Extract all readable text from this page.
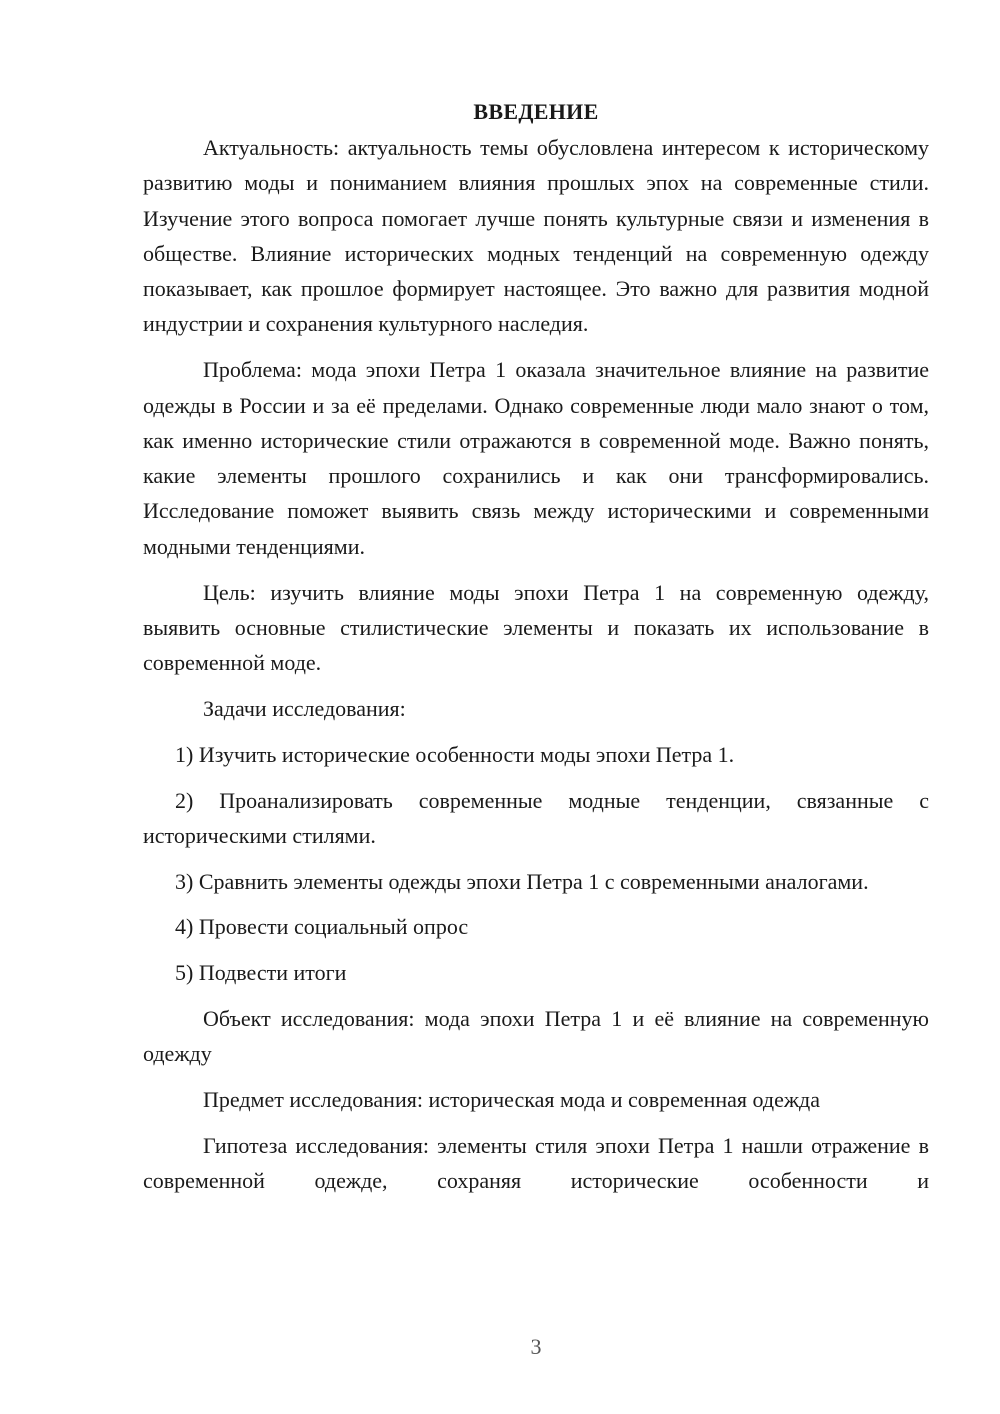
ВВЕДЕНИЕ

Актуальность: актуальность темы обусловлена интересом к историческому развитию моды и пониманием влияния прошлых эпох на современные стили. Изучение этого вопроса помогает лучше понять культурные связи и изменения в обществе. Влияние исторических модных тенденций на современную одежду показывает, как прошлое формирует настоящее. Это важно для развития модной индустрии и сохранения культурного наследия.

Проблема: мода эпохи Петра 1 оказала значительное влияние на развитие одежды в России и за её пределами. Однако современные люди мало знают о том, как именно исторические стили отражаются в современной моде. Важно понять, какие элементы прошлого сохранились и как они трансформировались. Исследование поможет выявить связь между историческими и современными модными тенденциями.

Цель: изучить влияние моды эпохи Петра 1 на современную одежду, выявить основные стилистические элементы и показать их использование в современной моде.

Задачи исследования:

1) Изучить исторические особенности моды эпохи Петра 1.

2) Проанализировать современные модные тенденции, связанные с историческими стилями.

3) Сравнить элементы одежды эпохи Петра 1 с современными аналогами.

4) Провести социальный опрос

5) Подвести итоги

Объект исследования: мода эпохи Петра 1 и её влияние на современную одежду

Предмет исследования: историческая мода и современная одежда

Гипотеза исследования: элементы стиля эпохи Петра 1 нашли отражение в современной одежде, сохраняя исторические особенности и

3
